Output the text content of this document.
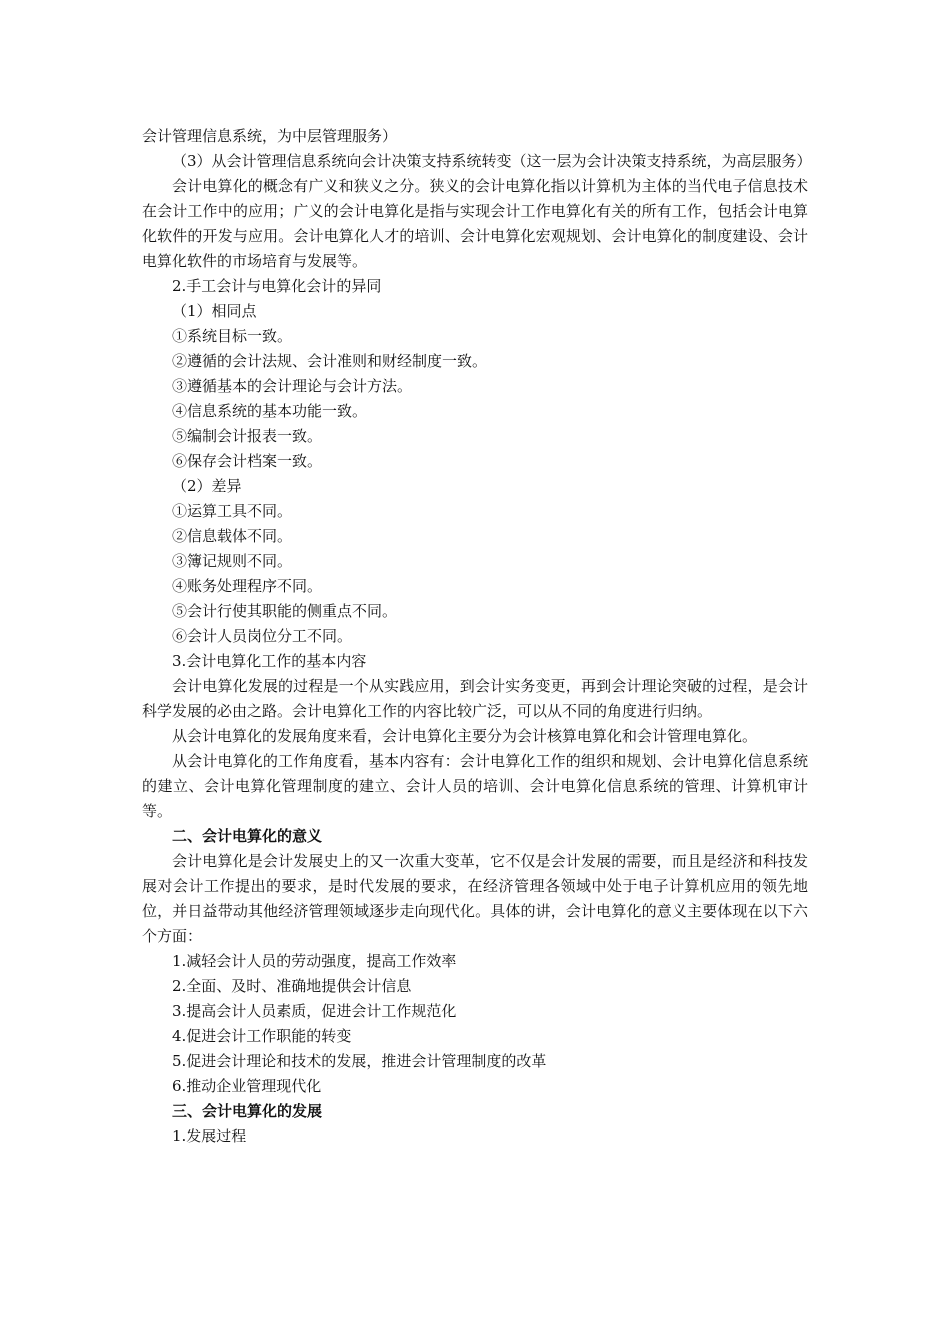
会计管理信息系统，为中层管理服务）

（3）从会计管理信息系统向会计决策支持系统转变（这一层为会计决策支持系统，为高层服务）

会计电算化的概念有广义和狭义之分。狭义的会计电算化指以计算机为主体的当代电子信息技术在会计工作中的应用；广义的会计电算化是指与实现会计工作电算化有关的所有工作，包括会计电算化软件的开发与应用。会计电算化人才的培训、会计电算化宏观规划、会计电算化的制度建设、会计电算化软件的市场培育与发展等。

2.手工会计与电算化会计的异同

（1）相同点

①系统目标一致。

②遵循的会计法规、会计准则和财经制度一致。

③遵循基本的会计理论与会计方法。

④信息系统的基本功能一致。

⑤编制会计报表一致。

⑥保存会计档案一致。

（2）差异

①运算工具不同。

②信息载体不同。

③簿记规则不同。

④账务处理程序不同。

⑤会计行使其职能的侧重点不同。

⑥会计人员岗位分工不同。

3.会计电算化工作的基本内容

会计电算化发展的过程是一个从实践应用，到会计实务变更，再到会计理论突破的过程，是会计科学发展的必由之路。会计电算化工作的内容比较广泛，可以从不同的角度进行归纳。

从会计电算化的发展角度来看，会计电算化主要分为会计核算电算化和会计管理电算化。

从会计电算化的工作角度看，基本内容有：会计电算化工作的组织和规划、会计电算化信息系统的建立、会计电算化管理制度的建立、会计人员的培训、会计电算化信息系统的管理、计算机审计等。

二、会计电算化的意义

会计电算化是会计发展史上的又一次重大变革，它不仅是会计发展的需要，而且是经济和科技发展对会计工作提出的要求，是时代发展的要求，在经济管理各领域中处于电子计算机应用的领先地位，并日益带动其他经济管理领域逐步走向现代化。具体的讲，会计电算化的意义主要体现在以下六个方面：

1.减轻会计人员的劳动强度，提高工作效率

2.全面、及时、准确地提供会计信息

3.提高会计人员素质，促进会计工作规范化

4.促进会计工作职能的转变

5.促进会计理论和技术的发展，推进会计管理制度的改革

6.推动企业管理现代化

三、会计电算化的发展

1.发展过程
